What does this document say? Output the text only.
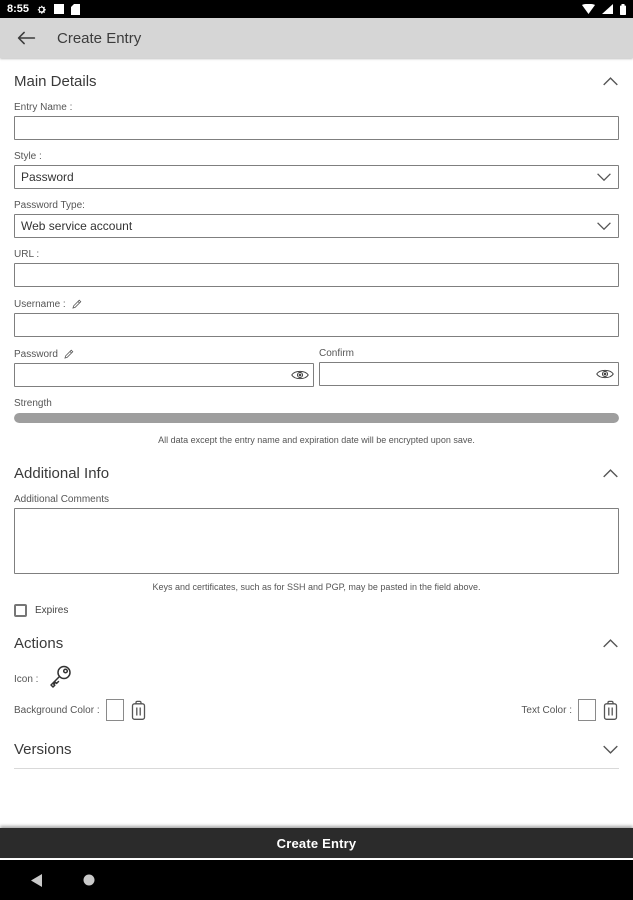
8:55
Create Entry
Main Details
Entry Name :
Style :
Password
Password Type:
Web service account
URL :
Username :
Password	Confirm
Strength
All data except the entry name and expiration date will be encrypted upon save.
Additional Info
Additional Comments
Keys and certificates, such as for SSH and PGP, may be pasted in the field above.
Expires
Actions
Icon :
Background Color :	Text Color :
Versions
Create Entry
